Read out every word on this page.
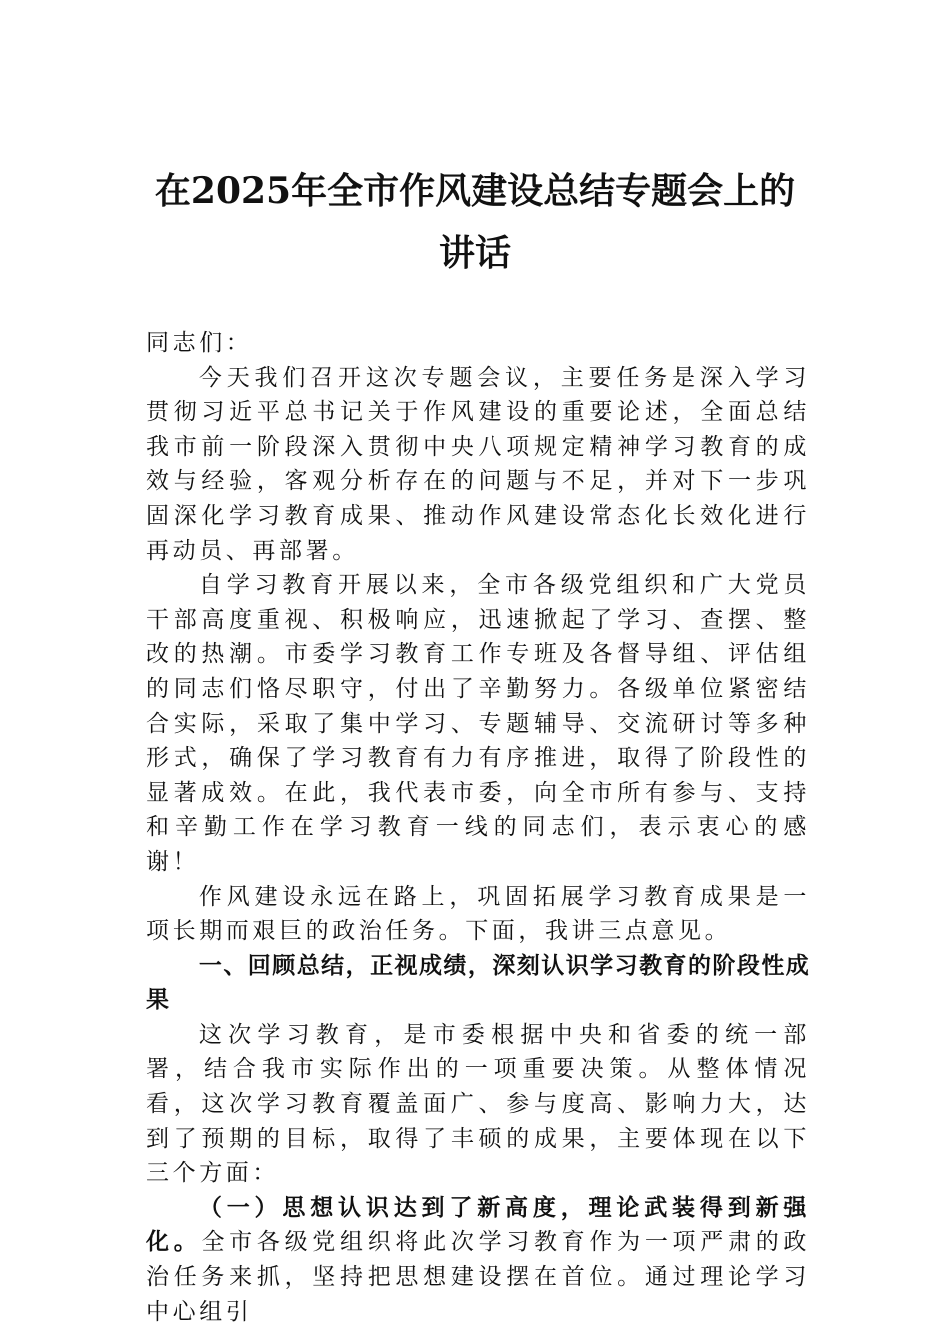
在2025年全市作风建设总结专题会上的讲话

同志们：

今天我们召开这次专题会议，主要任务是深入学习贯彻习近平总书记关于作风建设的重要论述，全面总结我市前一阶段深入贯彻中央八项规定精神学习教育的成效与经验，客观分析存在的问题与不足，并对下一步巩固深化学习教育成果、推动作风建设常态化长效化进行再动员、再部署。

自学习教育开展以来，全市各级党组织和广大党员干部高度重视、积极响应，迅速掀起了学习、查摆、整改的热潮。市委学习教育工作专班及各督导组、评估组的同志们恪尽职守，付出了辛勤努力。各级单位紧密结合实际，采取了集中学习、专题辅导、交流研讨等多种形式，确保了学习教育有力有序推进，取得了阶段性的显著成效。在此，我代表市委，向全市所有参与、支持和辛勤工作在学习教育一线的同志们，表示衷心的感谢！

作风建设永远在路上，巩固拓展学习教育成果是一项长期而艰巨的政治任务。下面，我讲三点意见。

一、回顾总结，正视成绩，深刻认识学习教育的阶段性成果

这次学习教育，是市委根据中央和省委的统一部署，结合我市实际作出的一项重要决策。从整体情况看，这次学习教育覆盖面广、参与度高、影响力大，达到了预期的目标，取得了丰硕的成果，主要体现在以下三个方面：

（一）思想认识达到了新高度，理论武装得到新强化。全市各级党组织将此次学习教育作为一项严肃的政治任务来抓，坚持把思想建设摆在首位。通过理论学习中心组引
